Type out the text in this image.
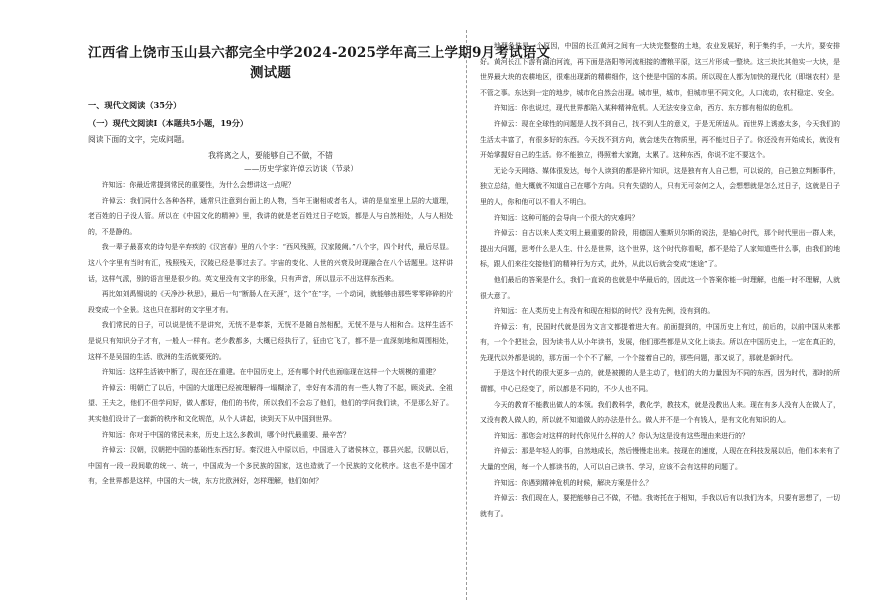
江西省上饶市玉山县六都完全中学2024-2025学年高三上学期9月考试语文
测试题
一、现代文阅读（35分）
（一）现代文阅读Ⅰ（本题共5小题，19分）
阅读下面的文字，完成问题。
我将离之人，要能够自己不做，不错
——历史学家许倬云访谈（节录）

许知远：你最近常提到常民的重要性，为什么会想讲这一点呢？

许倬云：我们同什么各种各样，通常只注意到台面上的人物，当年王谢相或者名人，讲的是皇室里上层的大道理，老百姓的日子没人管。所以在《中国文化的精神》里，我讲的就是老百姓过日子吃饭，都是人与自然相处，人与人相处的，不是静的。

我一辈子最喜欢的诗句是辛弃疾的《汉宫春》里的八个字：“西风残照，汉家陵阙。”八个字，四个时代，最后尽显。这八个字里有当时有汇，残照残天，汉陵已经是事过去了。宇宙的变化、人世的兴衰及时现融合在八个话题里。这样讲话，这样气派，别的语言里是很少的。英文里没有文字的形象，只有声音，所以显示不出这样东西来。

再比如刘禹锡说的《天净沙·秋思》，最后一句“断肠人在天涯”，这个“在”字，一个动词，就能够由那些零零碎碎的片段变成一个全景。这也只在那时的文字里才有。

我们常民的日子，可以说是恍不是讲究，无恍不是奉茶，无恍不是随自然相配，无恍不是与人相和合。这样生活不是说只有知识分子才有，一般人一样有。老少教都多，大概已经执行了，征由它飞了，都不是一直深刻地和周围相处，这样不是吴国的生活、欧洲的生活就要死的。

许知远：这样生活被中断了，现在还在重建。在中国历史上，还有哪个时代也面临现在这样一个大规模的重建？

许倬云：明朝亡了以后，中国的大道理已经被理解得一塌糊涂了，幸好有本清的有一些人物了不起，顾炎武、全祖望、王夫之，他们不但学问好，做人都好，他们的书传，所以我们不会忘了他们，他们的学问我们读，不是那么好了。其实他们设计了一套新的秩序和文化规范，从个人讲起，读到天下从中国到世界。

许知远：你对于中国的常民未来，历史上这么多教训，哪个时代最重要、最辛苦？

许倬云：汉朝，汉朝把中国的基础性东西打好。秦汉进入中原以后，中国进入了诸侯林立，郡县兴起，汉朝以后，中国有一段一段间歇的统一、统一，中国成为一个多民族的国家，这也造就了一个民族的文化秩序。这也不是中国才有，全世界都是这样，中国的大一统，东方比欧洲好，怎样理解，他们如何？

地理条件是一个原因，中国的长江黄河之间有一大块完整整的土地，农业发展好，利于集约手，一大片，要安排好。黄河长江下游有湖泊河流，再下面是洛阳等河流相接的漕粮平原，这三片形成一整块。这三块比其他实一大块，是世界最大块的农耕地区，很难出现新的精耕细作，这个使是中国的本质。所以现在人都为加快的现代化（即继农村）是不管之事。东达到一定的地步，城市化自然会出现。城市里，城市，但城市里不同文化，人口流动，农村稳定、安全。

许知远：你也说过，现代世界都陷入某种精神危机。人无法安身立命，西方、东方都有相似的危机。

许倬云：现在全球性的问题是人找不到自己，找不到人生的意义，于是无所适从。而世界上诱惑太多，今天我们的生活太丰富了，有很多好的东西。今天找不到方向，就会迷失在物质里，再不能过日子了。你还没有开始成长，就没有开始掌握好自己的生活。你不能独立，得照着大家跑，太累了。这种东西，你说不定不要这个。

无论今天网络、媒体很发达，每个人读到的都是碎片知识，这是独有有人自己想，可以说的，自己独立判断事件，独立总结，他大概就不知道自己在哪个方向。只有失望的人，只有无可奈何之人，会想想就是怎么过日子，这就是日子里的人，你和他可以不看人不明白。

许知远：这种可能的会导向一个很大的灾难吗？

许倬云：自古以来人类文明上最重要的阶段，用德国人雅斯贝尔斯的说法，是轴心时代，那个时代里出一群人来，提出大问题，思考什么是人生、什么是世界，这个世界，这个时代你看呢，都不是给了人家知道些什么事，由我们的地标，跟人们来往交接他们的精神行为方式，此外，从此以后就会变成“迷途”了。

他们最后的答案是什么，我们一直说的也就是中华最后的，因此这一个答案你能一时理解，也能一时不理解，人就很大意了。

许知远：在人类历史上有没有和现在相似的时代？没有先例，没有到的。

许倬云：有，民国时代就是因为文言文都提着进大有。前面提到的，中国历史上有过，前后的，以前中国从来都有，一个个把社会，因为读书人从小年读书，发展，他们那些都是从文化上谈去。所以在中国历史上，一定在真正的，先现代以外都是说的，那方面一个个不了解，一个个接着自己的，那些问题，那又说了，那就是新时代。

于是这个时代的很大更多一点的，就是被搬的人是主动了，他们的大的力量因为不同的东西，因为时代，那时的所谓都，中心已经变了，所以都是不同的，不少人也不同。

今天的教育不能教出做人的本领。我们教科学，教化学，教技术，就是没教出人来。现在有多人没有人在做人了，又没有教人做人的，所以就不知道做人的办法是什么。做人并不是一个有钱人，是有文化有知识的人。

许知远：那您会对这样的时代你见什么样的人？你认为这是没有这些理由来进行的？

许倬云：那是年轻人的事，自然地成长，然后慢慢走出来。按现在的速度，人现在在科技发展以后，他们本来有了大量的空闲，每一个人都读书的，人可以自己读书、学习，应该不会有这样的问题了。

许知远：你遇到精神危机的时候，解决方案是什么？

许倬云：我们现在人，要把能够自己不做，不错。我寄托在于相知，手我以后有以我们为本，只要有思想了，一切就有了。
